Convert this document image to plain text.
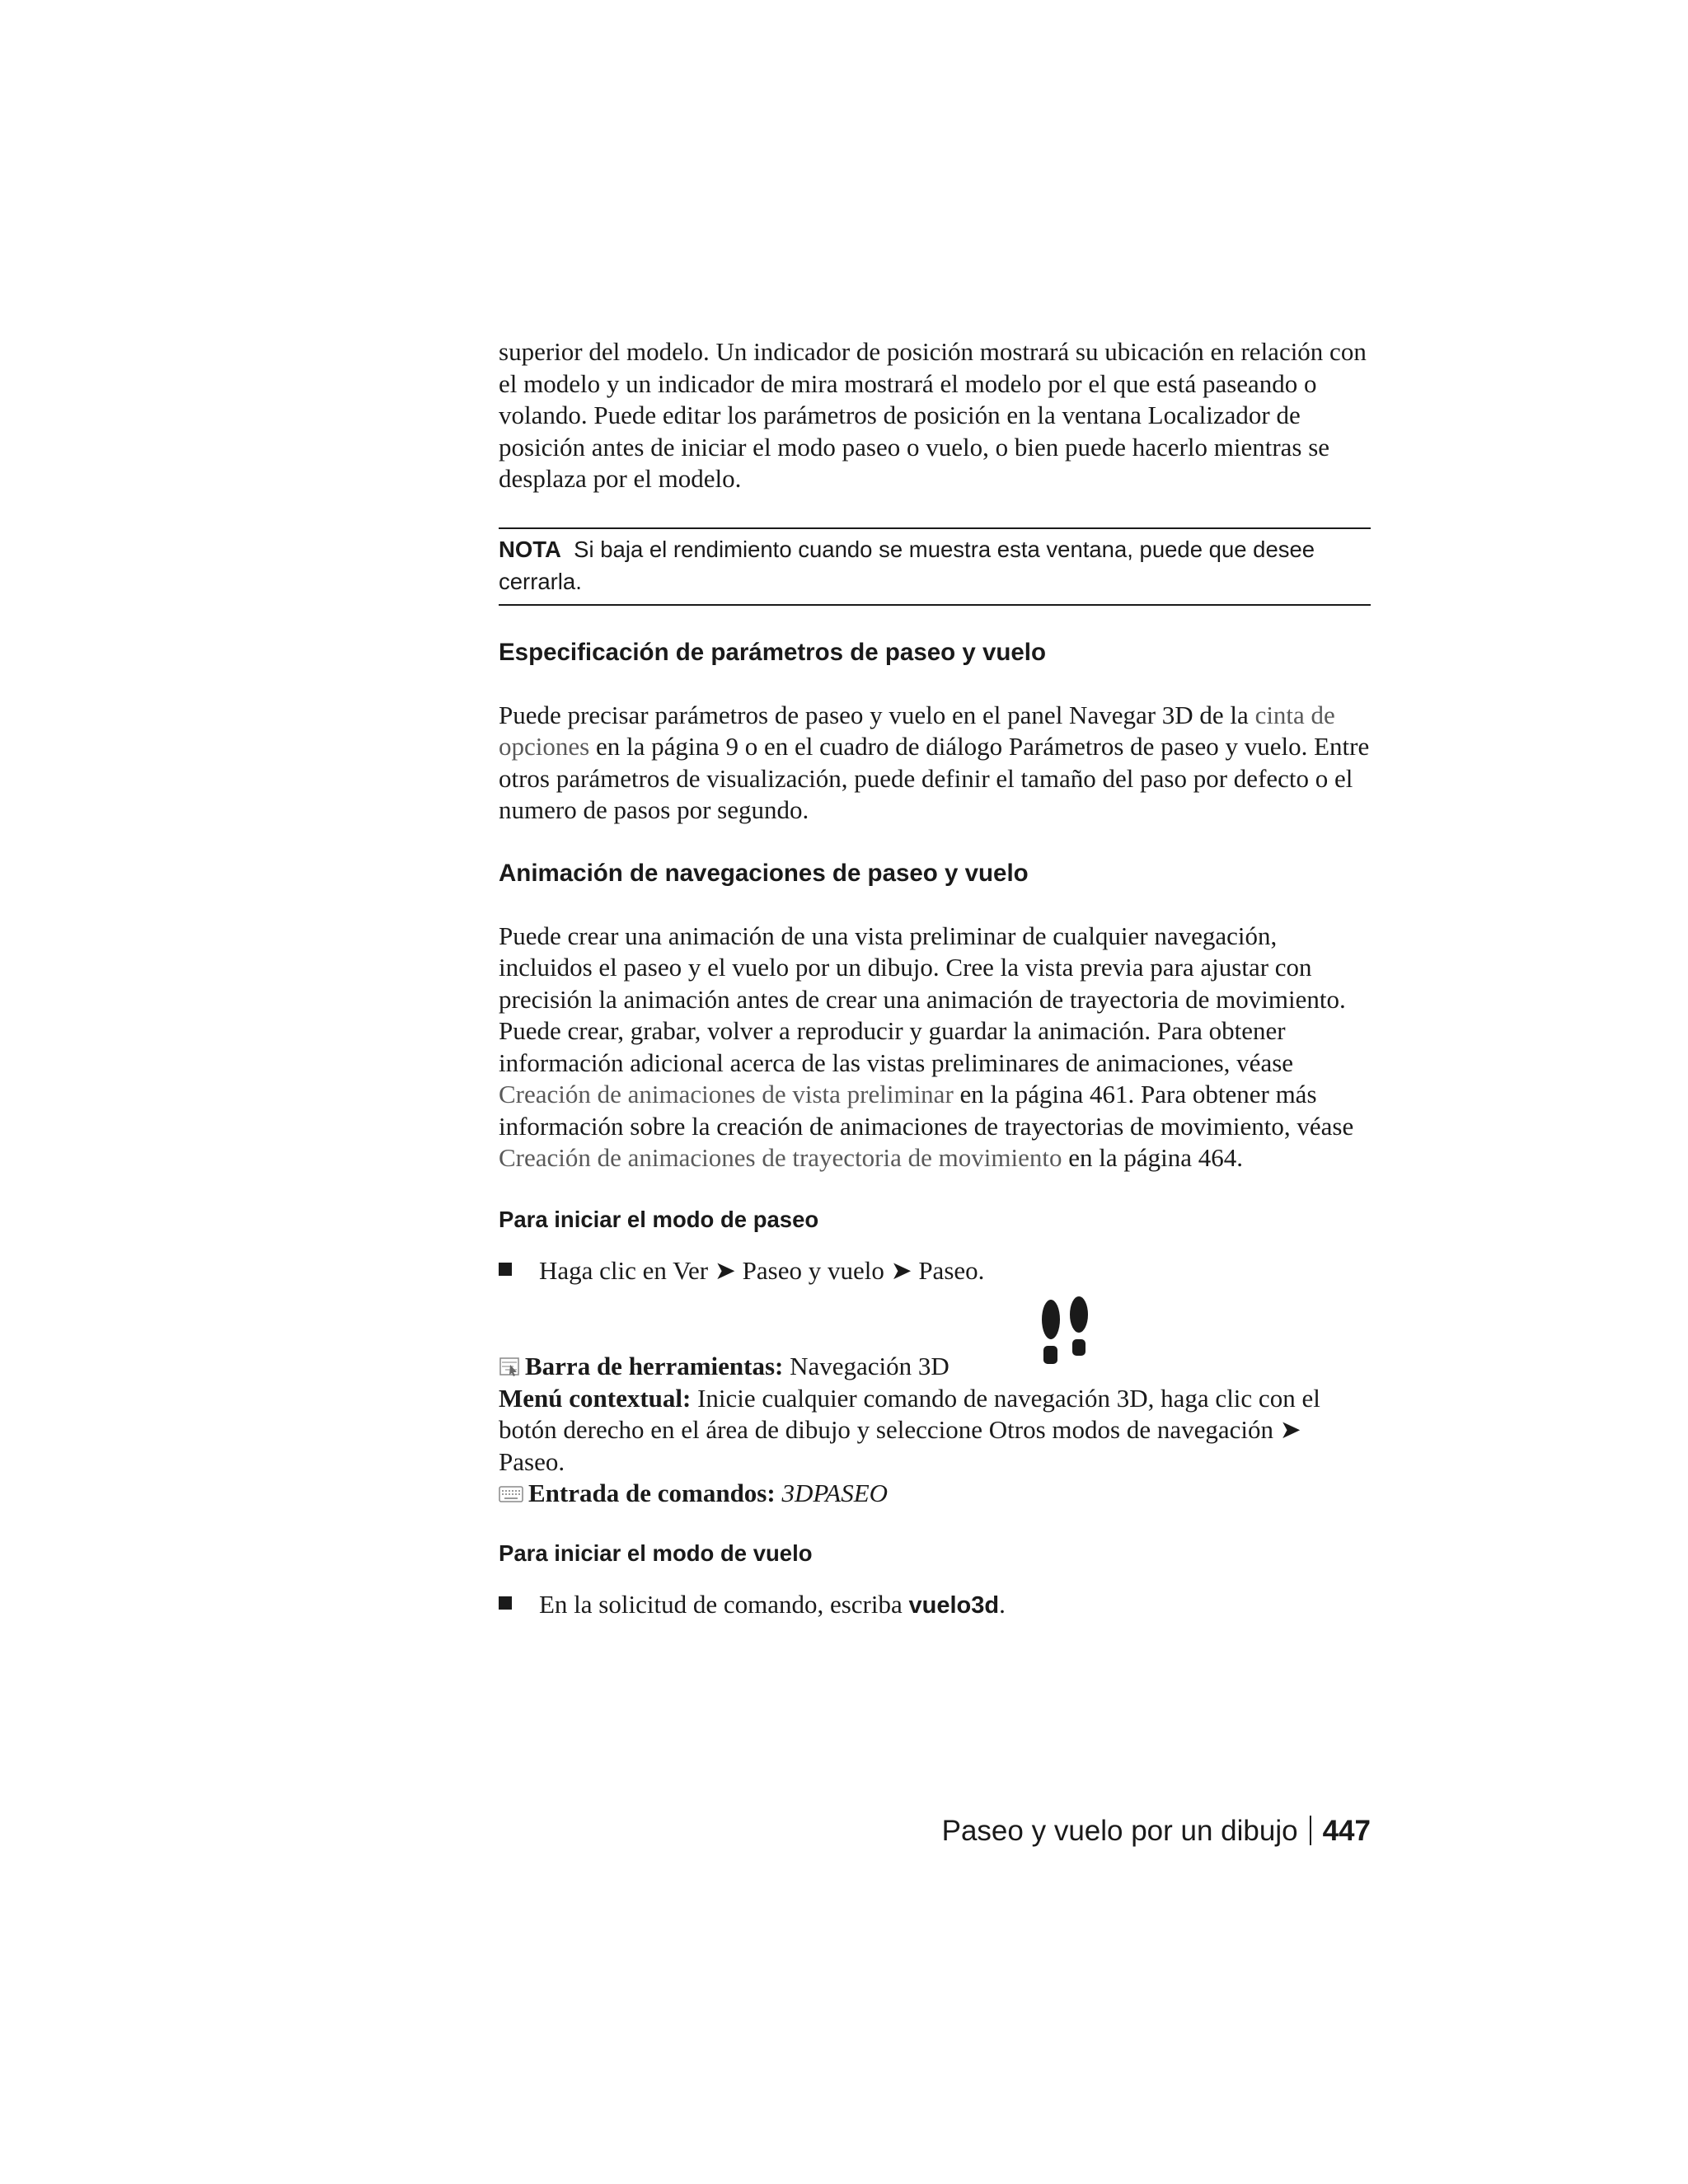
superior del modelo. Un indicador de posición mostrará su ubicación en relación con el modelo y un indicador de mira mostrará el modelo por el que está paseando o volando. Puede editar los parámetros de posición en la ventana Localizador de posición antes de iniciar el modo paseo o vuelo, o bien puede hacerlo mientras se desplaza por el modelo.

NOTA Si baja el rendimiento cuando se muestra esta ventana, puede que desee cerrarla.
Especificación de parámetros de paseo y vuelo

Puede precisar parámetros de paseo y vuelo en el panel Navegar 3D de la cinta de opciones en la página 9 o en el cuadro de diálogo Parámetros de paseo y vuelo. Entre otros parámetros de visualización, puede definir el tamaño del paso por defecto o el numero de pasos por segundo.

Animación de navegaciones de paseo y vuelo

Puede crear una animación de una vista preliminar de cualquier navegación, incluidos el paseo y el vuelo por un dibujo. Cree la vista previa para ajustar con precisión la animación antes de crear una animación de trayectoria de movimiento. Puede crear, grabar, volver a reproducir y guardar la animación. Para obtener información adicional acerca de las vistas preliminares de animaciones, véase Creación de animaciones de vista preliminar en la página 461. Para obtener más información sobre la creación de animaciones de trayectorias de movimiento, véase Creación de animaciones de trayectoria de movimiento en la página 464.

Para iniciar el modo de paseo
Haga clic en Ver ➤ Paseo y vuelo ➤ Paseo.
Barra de herramientas: Navegación 3D

Menú contextual: Inicie cualquier comando de navegación 3D, haga clic con el botón derecho en el área de dibujo y seleccione Otros modos de navegación ➤ Paseo.

Entrada de comandos: 3DPASEO

Para iniciar el modo de vuelo
En la solicitud de comando, escriba vuelo3d.
Paseo y vuelo por un dibujo 447
